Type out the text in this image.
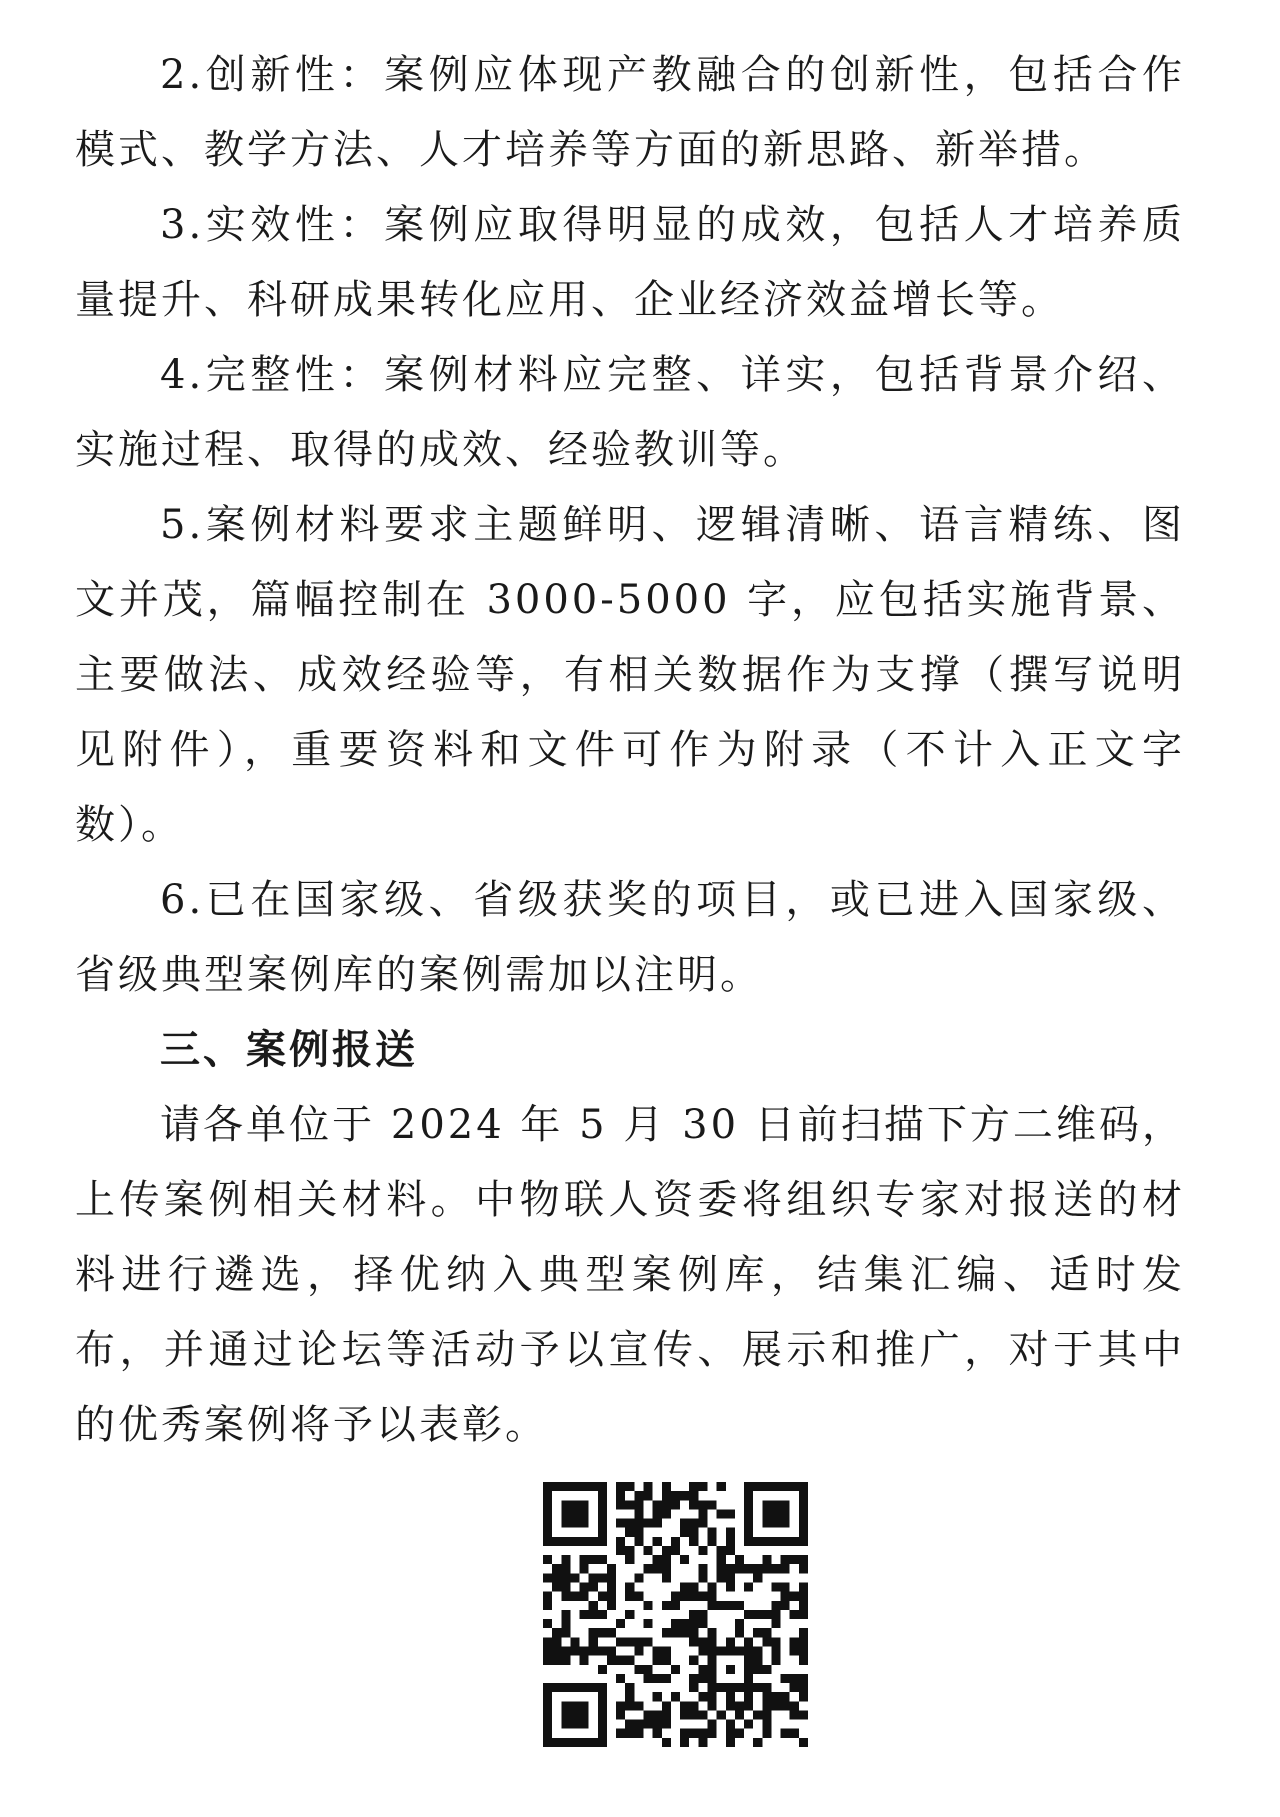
2.创新性：案例应体现产教融合的创新性，包括合作模式、教学方法、人才培养等方面的新思路、新举措。

3.实效性：案例应取得明显的成效，包括人才培养质量提升、科研成果转化应用、企业经济效益增长等。

4.完整性：案例材料应完整、详实，包括背景介绍、实施过程、取得的成效、经验教训等。

5.案例材料要求主题鲜明、逻辑清晰、语言精练、图文并茂，篇幅控制在 3000-5000 字，应包括实施背景、主要做法、成效经验等，有相关数据作为支撑（撰写说明见附件），重要资料和文件可作为附录（不计入正文字数）。

6.已在国家级、省级获奖的项目，或已进入国家级、省级典型案例库的案例需加以注明。

三、案例报送

请各单位于 2024 年 5 月 30 日前扫描下方二维码，上传案例相关材料。中物联人资委将组织专家对报送的材料进行遴选，择优纳入典型案例库，结集汇编、适时发布，并通过论坛等活动予以宣传、展示和推广，对于其中的优秀案例将予以表彰。
